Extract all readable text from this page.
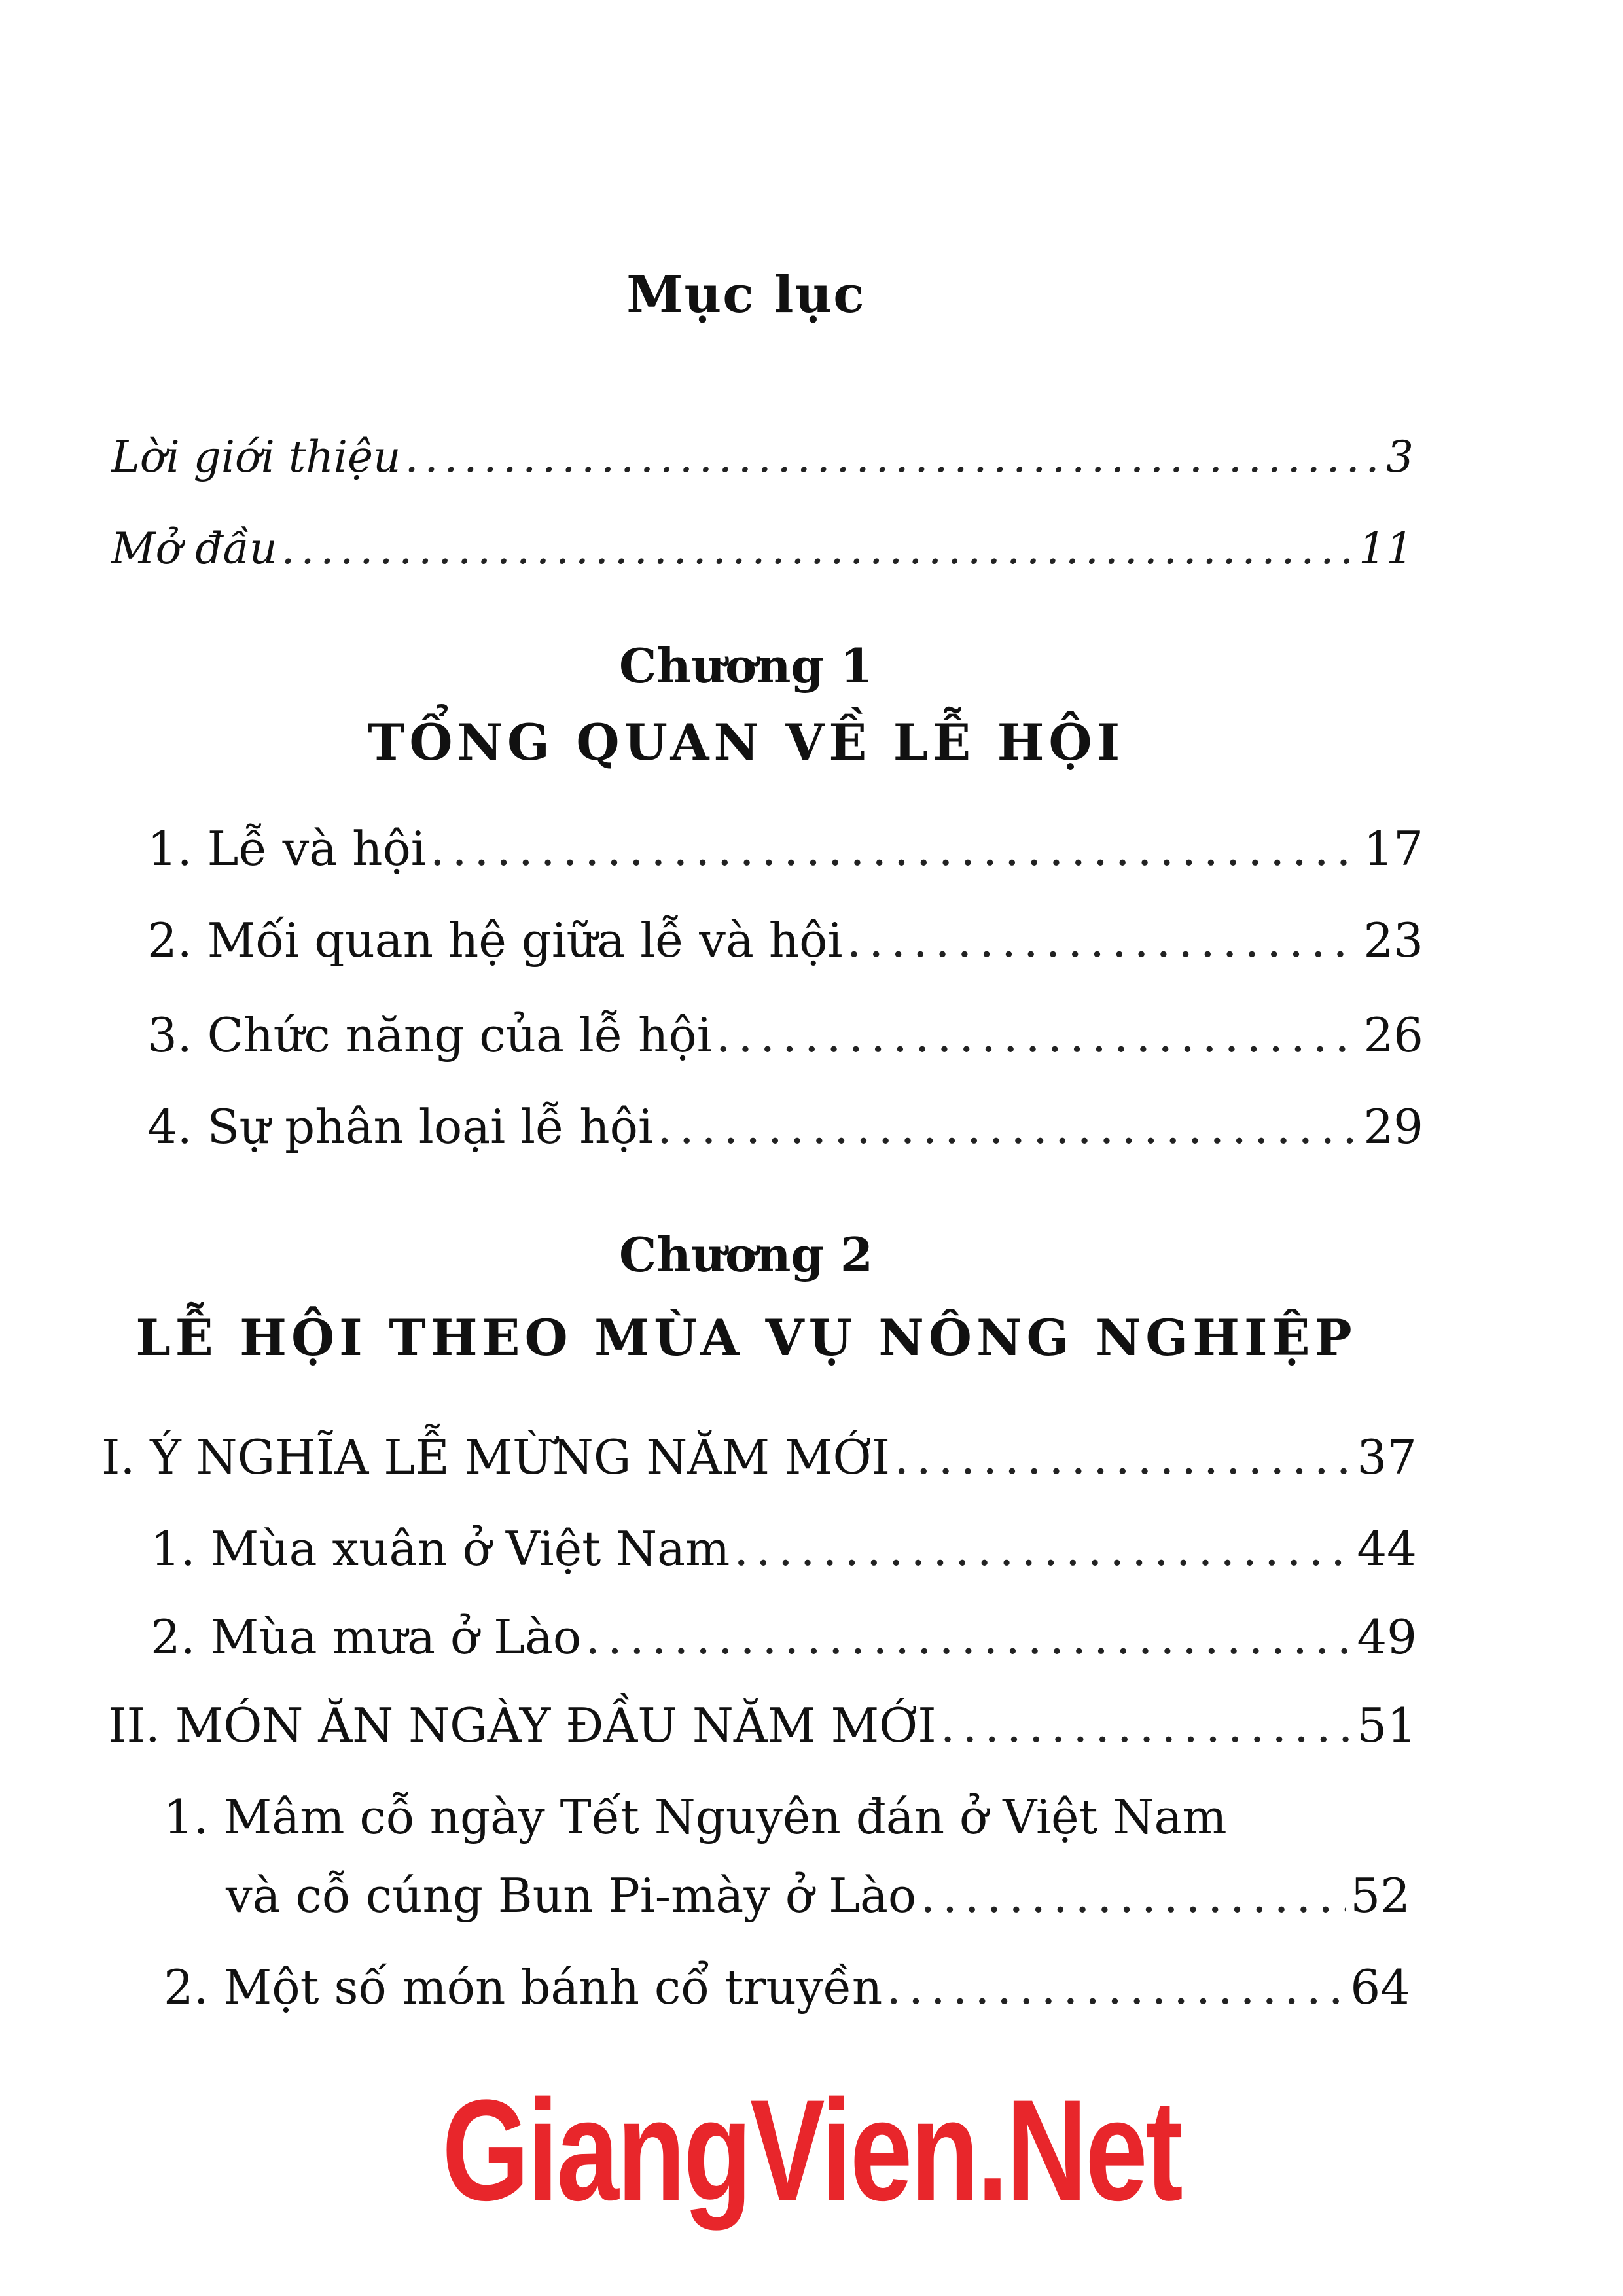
Mục lục
Lời giới thiệu . . .	3
Mở đầu . . .	11
Chương 1
TỔNG QUAN VỀ LỄ HỘI
1. Lễ và hội . . .	17
2. Mối quan hệ giữa lễ và hội . . .	23
3. Chức năng của lễ hội . . .	26
4. Sự phân loại lễ hội . . .	29
Chương 2
LỄ HỘI THEO MÙA VỤ NÔNG NGHIỆP
I. Ý NGHĨA LỄ MỪNG NĂM MỚI . . .	37
1. Mùa xuân ở Việt Nam . . .	44
2. Mùa mưa ở Lào . . .	49
II. MÓN ĂN NGÀY ĐẦU NĂM MỚI . . .	51
1. Mâm cỗ ngày Tết Nguyên đán ở Việt Nam
và cỗ cúng Bun Pi-mày ở Lào . . .	52
2. Một số món bánh cổ truyền . . .	64
GiangVien.Net
